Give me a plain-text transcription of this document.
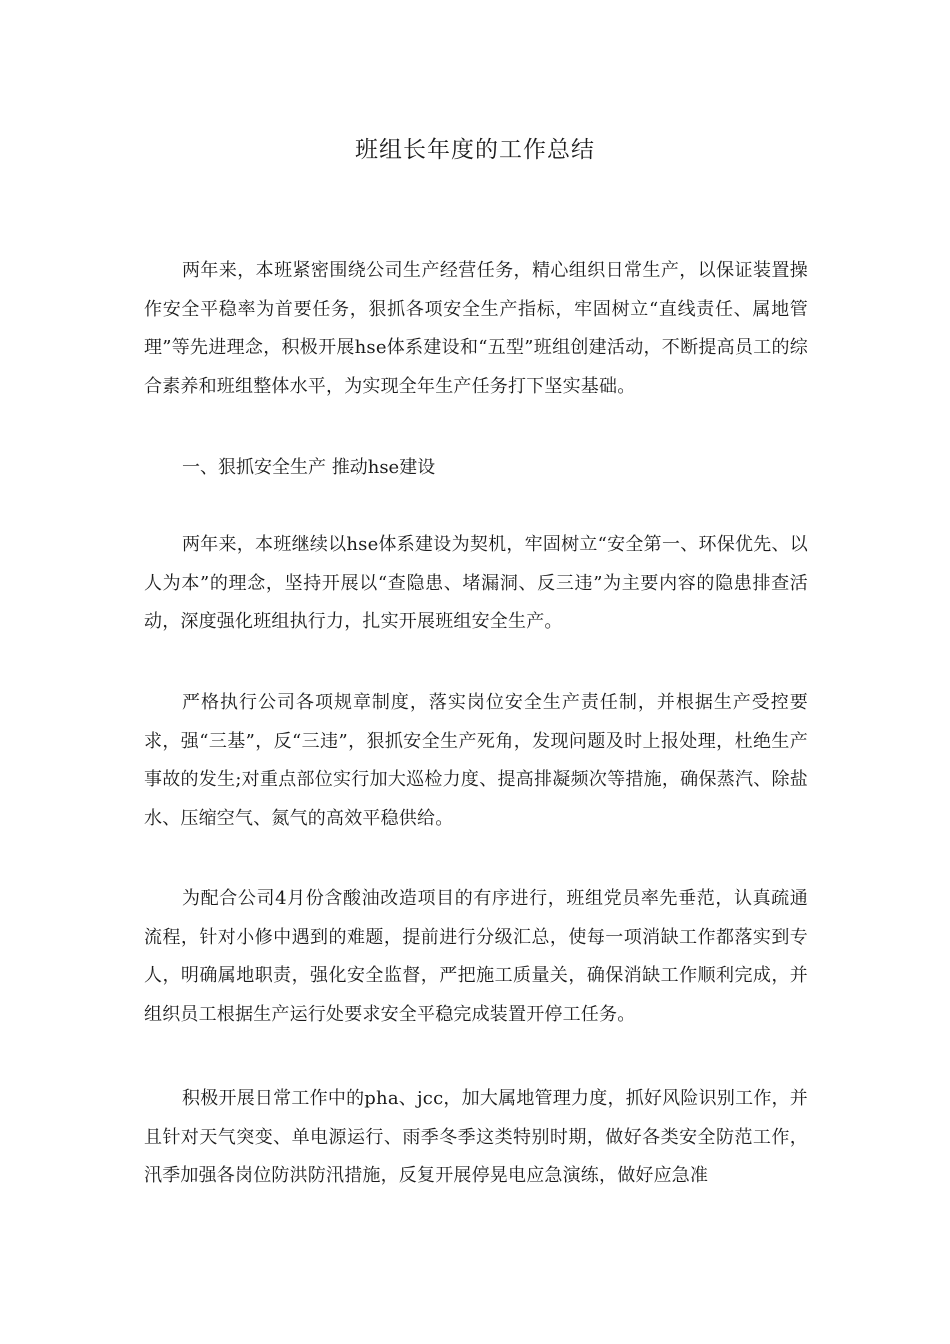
班组长年度的工作总结

两年来，本班紧密围绕公司生产经营任务，精心组织日常生产，以保证装置操作安全平稳率为首要任务，狠抓各项安全生产指标，牢固树立“直线责任、属地管理”等先进理念，积极开展hse体系建设和“五型”班组创建活动，不断提高员工的综合素养和班组整体水平，为实现全年生产任务打下坚实基础。

一、狠抓安全生产 推动hse建设

两年来，本班继续以hse体系建设为契机，牢固树立“安全第一、环保优先、以人为本”的理念，坚持开展以“查隐患、堵漏洞、反三违”为主要内容的隐患排查活动，深度强化班组执行力，扎实开展班组安全生产。

严格执行公司各项规章制度，落实岗位安全生产责任制，并根据生产受控要求，强“三基”，反“三违”，狠抓安全生产死角，发现问题及时上报处理，杜绝生产事故的发生;对重点部位实行加大巡检力度、提高排凝频次等措施，确保蒸汽、除盐水、压缩空气、氮气的高效平稳供给。

为配合公司4月份含酸油改造项目的有序进行，班组党员率先垂范，认真疏通流程，针对小修中遇到的难题，提前进行分级汇总，使每一项消缺工作都落实到专人，明确属地职责，强化安全监督，严把施工质量关，确保消缺工作顺利完成，并组织员工根据生产运行处要求安全平稳完成装置开停工任务。

积极开展日常工作中的pha、jcc，加大属地管理力度，抓好风险识别工作，并且针对天气突变、单电源运行、雨季冬季这类特别时期，做好各类安全防范工作，汛季加强各岗位防洪防汛措施，反复开展停晃电应急演练，做好应急准
